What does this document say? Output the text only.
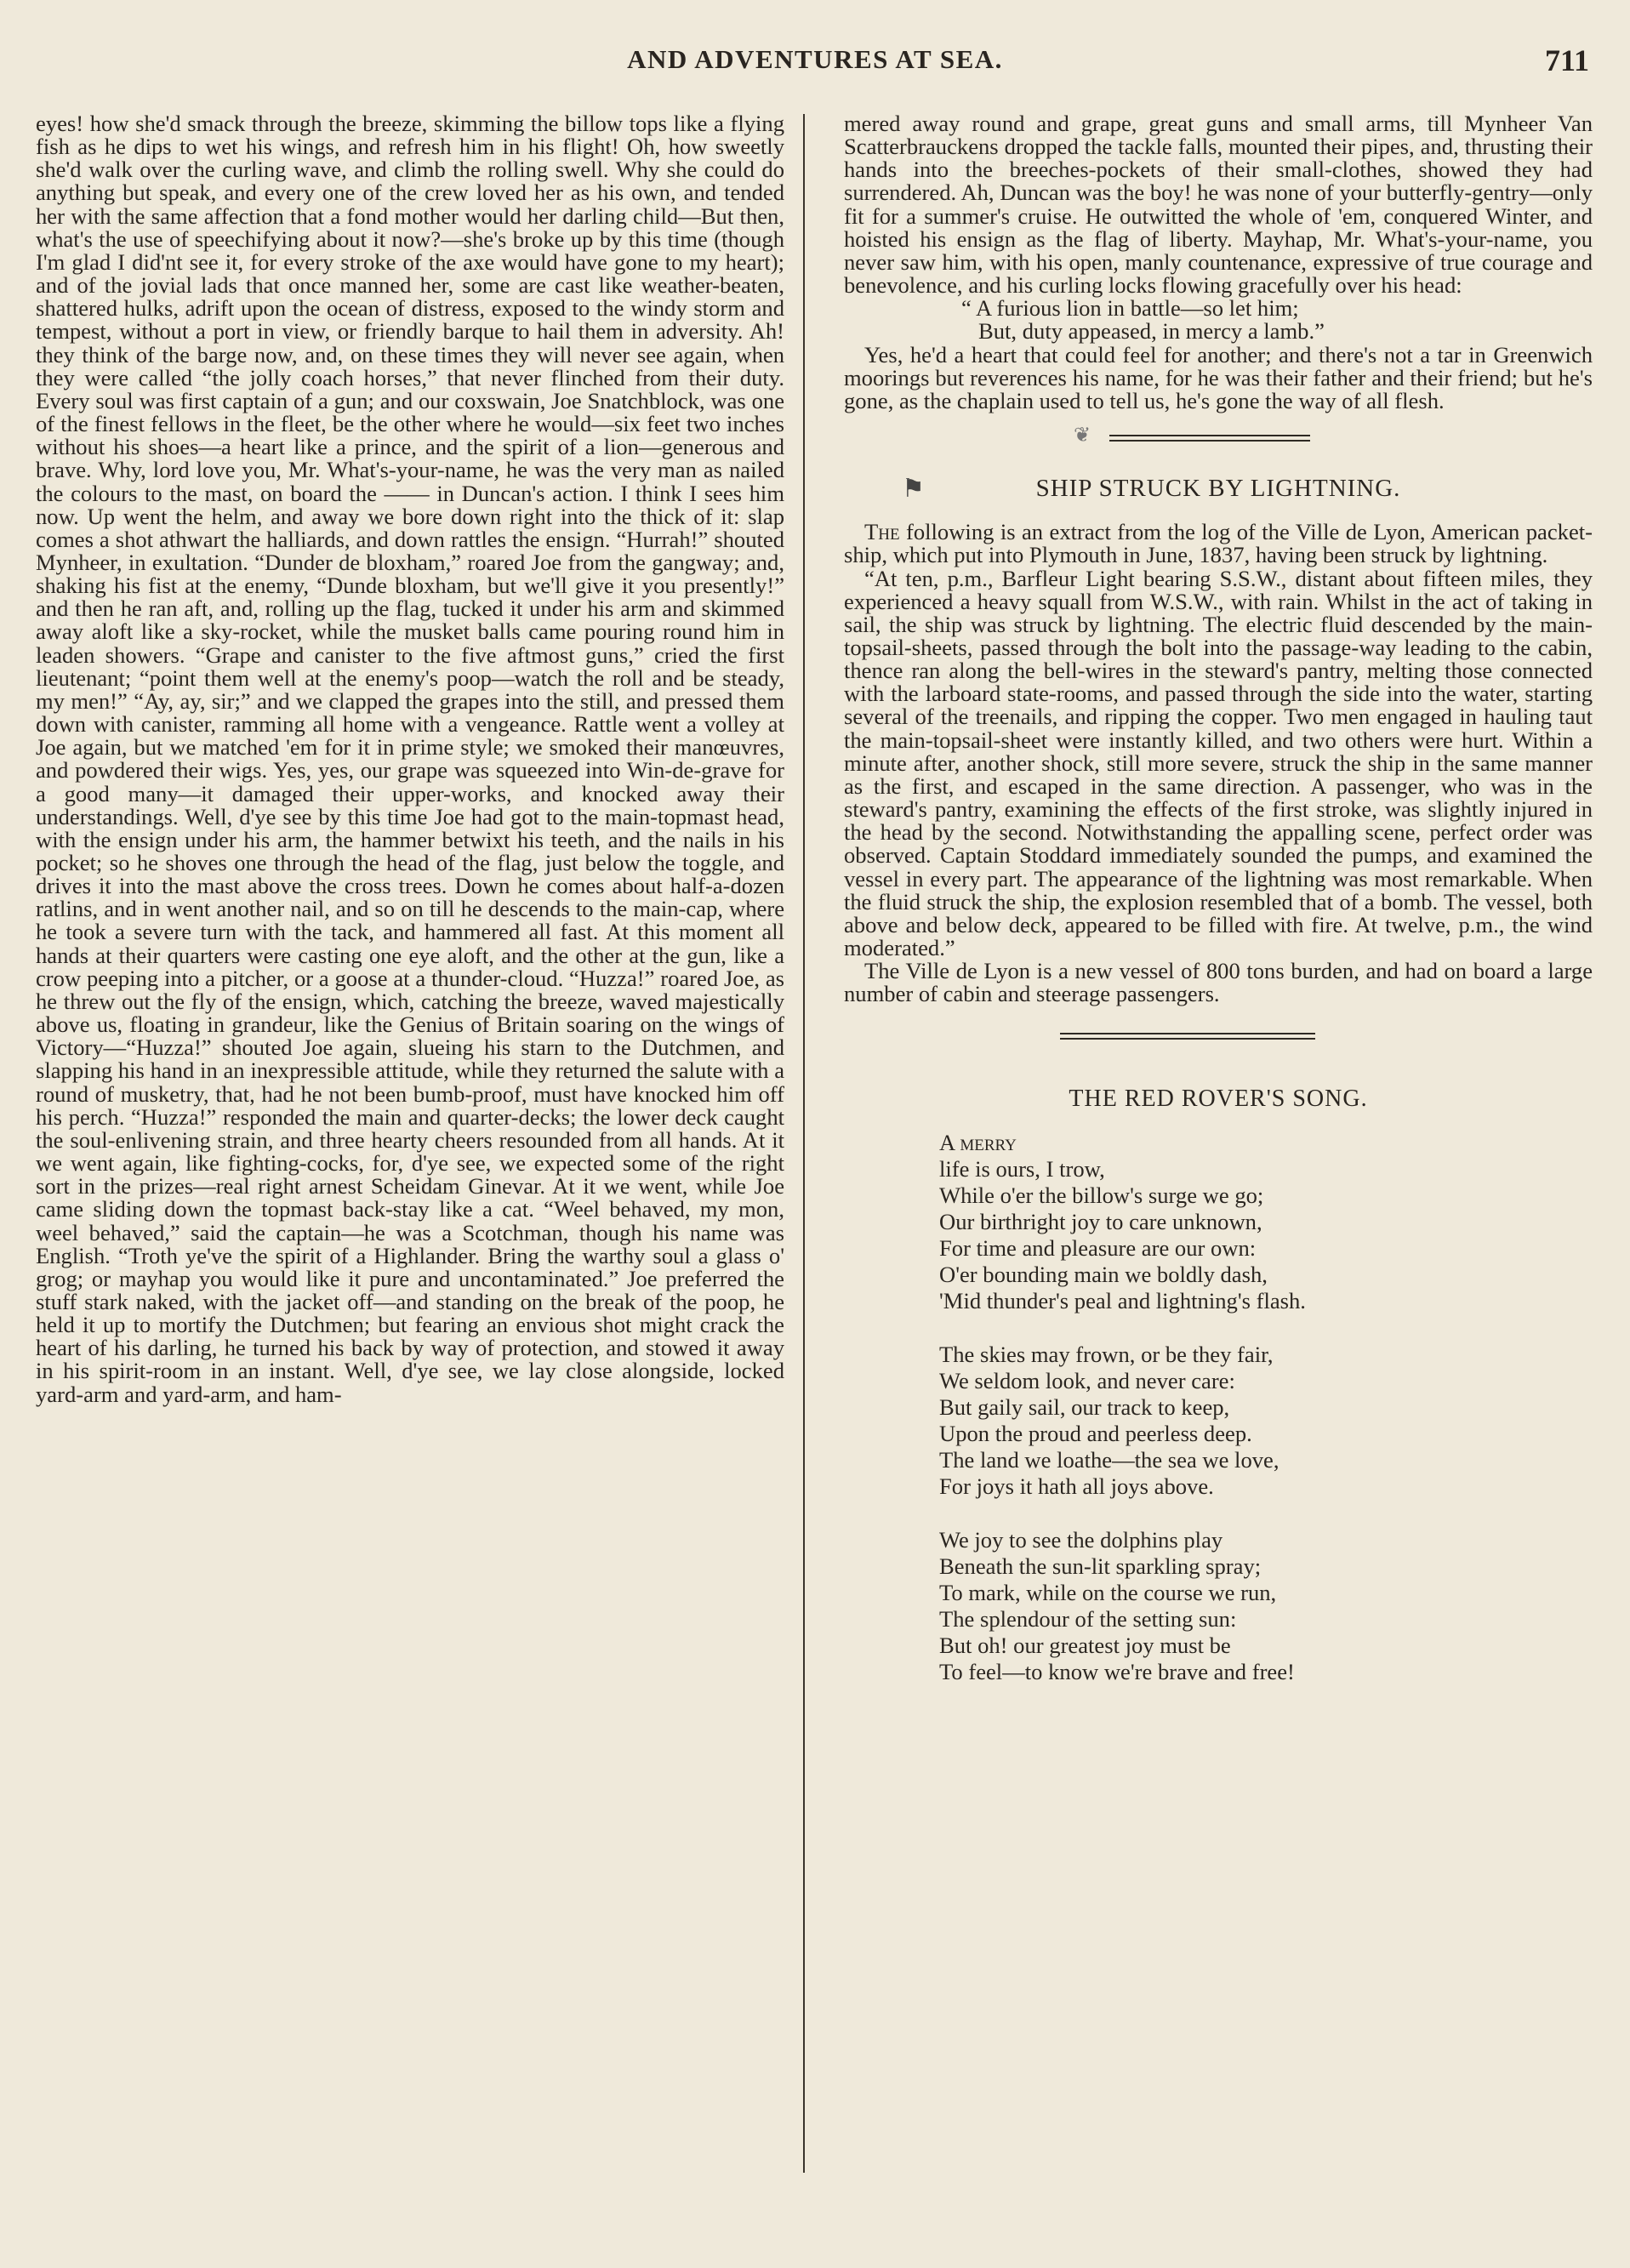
AND ADVENTURES AT SEA.	711

eyes! how she'd smack through the breeze, skimming the billow tops like a flying fish as he dips to wet his wings, and refresh him in his flight! Oh, how sweetly she'd walk over the curling wave, and climb the rolling swell. Why she could do anything but speak, and every one of the crew loved her as his own, and tended her with the same affection that a fond mother would her darling child—But then, what's the use of speechifying about it now?—she's broke up by this time (though I'm glad I did'nt see it, for every stroke of the axe would have gone to my heart); and of the jovial lads that once manned her, some are cast like weather-beaten, shattered hulks, adrift upon the ocean of distress, exposed to the windy storm and tempest, without a port in view, or friendly barque to hail them in adversity. Ah! they think of the barge now, and, on these times they will never see again, when they were called “the jolly coach horses,” that never flinched from their duty. Every soul was first captain of a gun; and our coxswain, Joe Snatchblock, was one of the finest fellows in the fleet, be the other where he would—six feet two inches without his shoes—a heart like a prince, and the spirit of a lion—generous and brave. Why, lord love you, Mr. What's-your-name, he was the very man as nailed the colours to the mast, on board the —— in Duncan's action. I think I sees him now. Up went the helm, and away we bore down right into the thick of it: slap comes a shot athwart the halliards, and down rattles the ensign. “Hurrah!” shouted Mynheer, in exultation. “Dunder de bloxham,” roared Joe from the gangway; and, shaking his fist at the enemy, “Dunde bloxham, but we'll give it you presently!” and then he ran aft, and, rolling up the flag, tucked it under his arm and skimmed away aloft like a sky-rocket, while the musket balls came pouring round him in leaden showers. “Grape and canister to the five aftmost guns,” cried the first lieutenant; “point them well at the enemy's poop—watch the roll and be steady, my men!” “Ay, ay, sir;” and we clapped the grapes into the still, and pressed them down with canister, ramming all home with a vengeance. Rattle went a volley at Joe again, but we matched 'em for it in prime style; we smoked their manœuvres, and powdered their wigs. Yes, yes, our grape was squeezed into Win-de-grave for a good many—it damaged their upper-works, and knocked away their understandings. Well, d'ye see by this time Joe had got to the main-topmast head, with the ensign under his arm, the hammer betwixt his teeth, and the nails in his pocket; so he shoves one through the head of the flag, just below the toggle, and drives it into the mast above the cross trees. Down he comes about half-a-dozen ratlins, and in went another nail, and so on till he descends to the main-cap, where he took a severe turn with the tack, and hammered all fast. At this moment all hands at their quarters were casting one eye aloft, and the other at the gun, like a crow peeping into a pitcher, or a goose at a thunder-cloud. “Huzza!” roared Joe, as he threw out the fly of the ensign, which, catching the breeze, waved majestically above us, floating in grandeur, like the Genius of Britain soaring on the wings of Victory—“Huzza!” shouted Joe again, slueing his starn to the Dutchmen, and slapping his hand in an inexpressible attitude, while they returned the salute with a round of musketry, that, had he not been bumb-proof, must have knocked him off his perch. “Huzza!” responded the main and quarter-decks; the lower deck caught the soul-enlivening strain, and three hearty cheers resounded from all hands. At it we went again, like fighting-cocks, for, d'ye see, we expected some of the right sort in the prizes—real right arnest Scheidam Ginevar. At it we went, while Joe came sliding down the topmast back-stay like a cat. “Weel behaved, my mon, weel behaved,” said the captain—he was a Scotchman, though his name was English. “Troth ye've the spirit of a Highlander. Bring the warthy soul a glass o' grog; or mayhap you would like it pure and uncontaminated.” Joe preferred the stuff stark naked, with the jacket off—and standing on the break of the poop, he held it up to mortify the Dutchmen; but fearing an envious shot might crack the heart of his darling, he turned his back by way of protection, and stowed it away in his spirit-room in an instant. Well, d'ye see, we lay close alongside, locked yard-arm and yard-arm, and ham-

mered away round and grape, great guns and small arms, till Mynheer Van Scatterbrauckens dropped the tackle falls, mounted their pipes, and, thrusting their hands into the breeches-pockets of their small-clothes, showed they had surrendered. Ah, Duncan was the boy! he was none of your butterfly-gentry—only fit for a summer's cruise. He outwitted the whole of 'em, conquered Winter, and hoisted his ensign as the flag of liberty. Mayhap, Mr. What's-your-name, you never saw him, with his open, manly countenance, expressive of true courage and benevolence, and his curling locks flowing gracefully over his head:

“ A furious lion in battle—so let him;
But, duty appeased, in mercy a lamb.”

Yes, he'd a heart that could feel for another; and there's not a tar in Greenwich moorings but reverences his name, for he was their father and their friend; but he's gone, as the chaplain used to tell us, he's gone the way of all flesh.

❦
⚑	SHIP STRUCK BY LIGHTNING.

The following is an extract from the log of the Ville de Lyon, American packet-ship, which put into Plymouth in June, 1837, having been struck by lightning.

“At ten, p.m., Barfleur Light bearing S.S.W., distant about fifteen miles, they experienced a heavy squall from W.S.W., with rain. Whilst in the act of taking in sail, the ship was struck by lightning. The electric fluid descended by the main-topsail-sheets, passed through the bolt into the passage-way leading to the cabin, thence ran along the bell-wires in the steward's pantry, melting those connected with the larboard state-rooms, and passed through the side into the water, starting several of the treenails, and ripping the copper. Two men engaged in hauling taut the main-topsail-sheet were instantly killed, and two others were hurt. Within a minute after, another shock, still more severe, struck the ship in the same manner as the first, and escaped in the same direction. A passenger, who was in the steward's pantry, examining the effects of the first stroke, was slightly injured in the head by the second. Notwithstanding the appalling scene, perfect order was observed. Captain Stoddard immediately sounded the pumps, and examined the vessel in every part. The appearance of the lightning was most remarkable. When the fluid struck the ship, the explosion resembled that of a bomb. The vessel, both above and below deck, appeared to be filled with fire. At twelve, p.m., the wind moderated.”

The Ville de Lyon is a new vessel of 800 tons burden, and had on board a large number of cabin and steerage passengers.

THE RED ROVER'S SONG.
A merry
life is ours, I trow,
While o'er the billow's surge we go;
Our birthright joy to care unknown,
For time and pleasure are our own:
O'er bounding main we boldly dash,
'Mid thunder's peal and lightning's flash.
The skies may frown, or be they fair,
We seldom look, and never care:
But gaily sail, our track to keep,
Upon the proud and peerless deep.
The land we loathe—the sea we love,
For joys it hath all joys above.
We joy to see the dolphins play
Beneath the sun-lit sparkling spray;
To mark, while on the course we run,
The splendour of the setting sun:
But oh! our greatest joy must be
To feel—to know we're brave and free!
